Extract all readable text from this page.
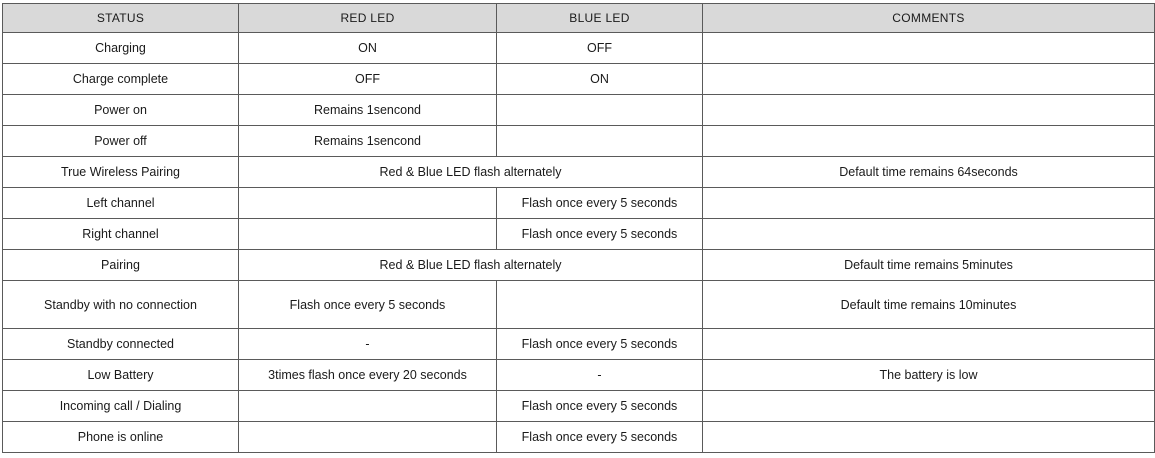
STATUS	RED LED	BLUE LED	COMMENTS
Charging	ON	OFF	
Charge complete	OFF	ON	
Power on	Remains 1sencond		
Power off	Remains 1sencond		
True Wireless Pairing	Red & Blue LED flash alternately		Default time remains 64seconds
Left channel		Flash once every 5 seconds	
Right channel		Flash once every 5 seconds	
Pairing	Red & Blue LED flash alternately		Default time remains 5minutes
Standby with no connection	Flash once every 5 seconds		Default time remains 10minutes
Standby connected	-	Flash once every 5 seconds	
Low Battery	3times flash once every 20 seconds	-	The battery is low
Incoming call / Dialing		Flash once every 5 seconds	
Phone is online		Flash once every 5 seconds	
